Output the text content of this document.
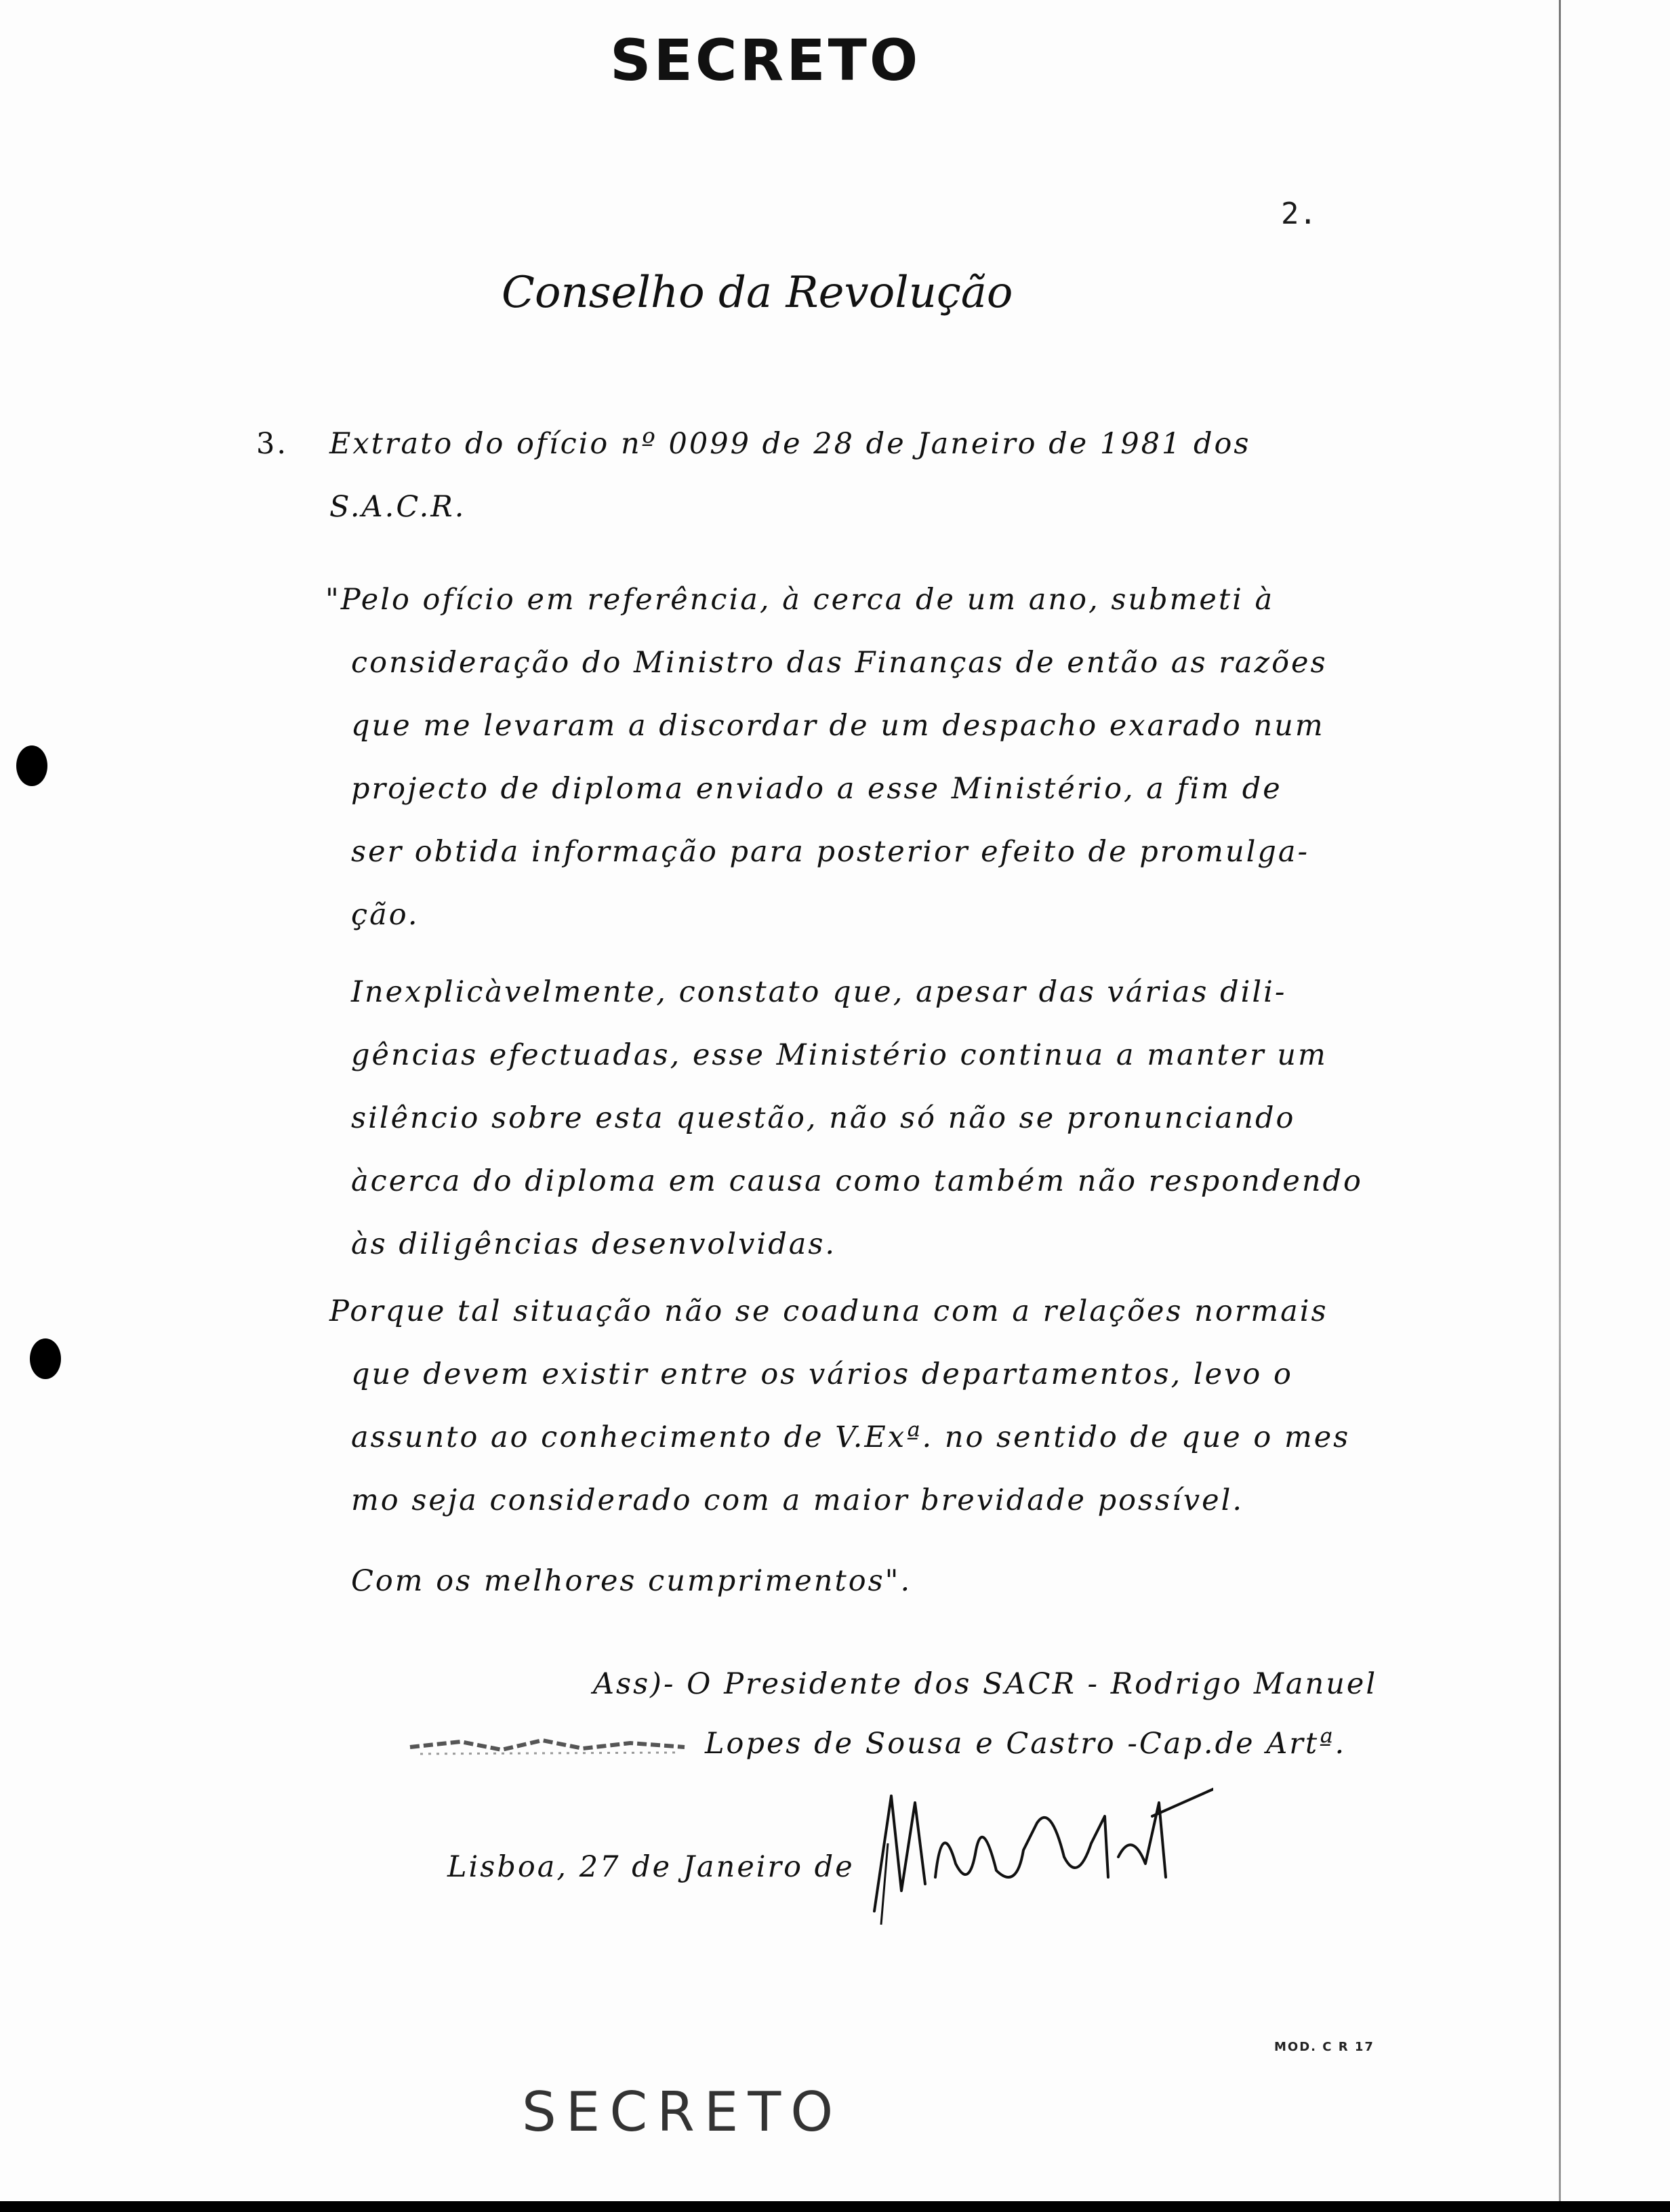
SECRETO
2.
Conselho da Revolução
3. Extrato do ofício nº 0099 de 28 de Janeiro de 1981 dos
S.A.C.R.
"Pelo ofício em referência, à cerca de um ano, submeti à
consideração do Ministro das Finanças de então as razões
que me levaram a discordar de um despacho exarado num
projecto de diploma enviado a esse Ministério, a fim de
ser obtida informação para posterior efeito de promulga-
ção.
Inexplicàvelmente, constato que, apesar das várias dili-
gências efectuadas, esse Ministério continua a manter um
silêncio sobre esta questão, não só não se pronunciando
àcerca do diploma em causa como também não respondendo
às diligências desenvolvidas.
Porque tal situação não se coaduna com a relações normais
que devem existir entre os vários departamentos, levo o
assunto ao conhecimento de V.Exª. no sentido de que o mes
mo seja considerado com a maior brevidade possível.
Com os melhores cumprimentos".
Ass)- O Presidente dos SACR - Rodrigo Manuel
Lopes de Sousa e Castro -Cap.de Artª.
Lisboa, 27 de Janeiro de
MOD. C R 17
SECRETO
